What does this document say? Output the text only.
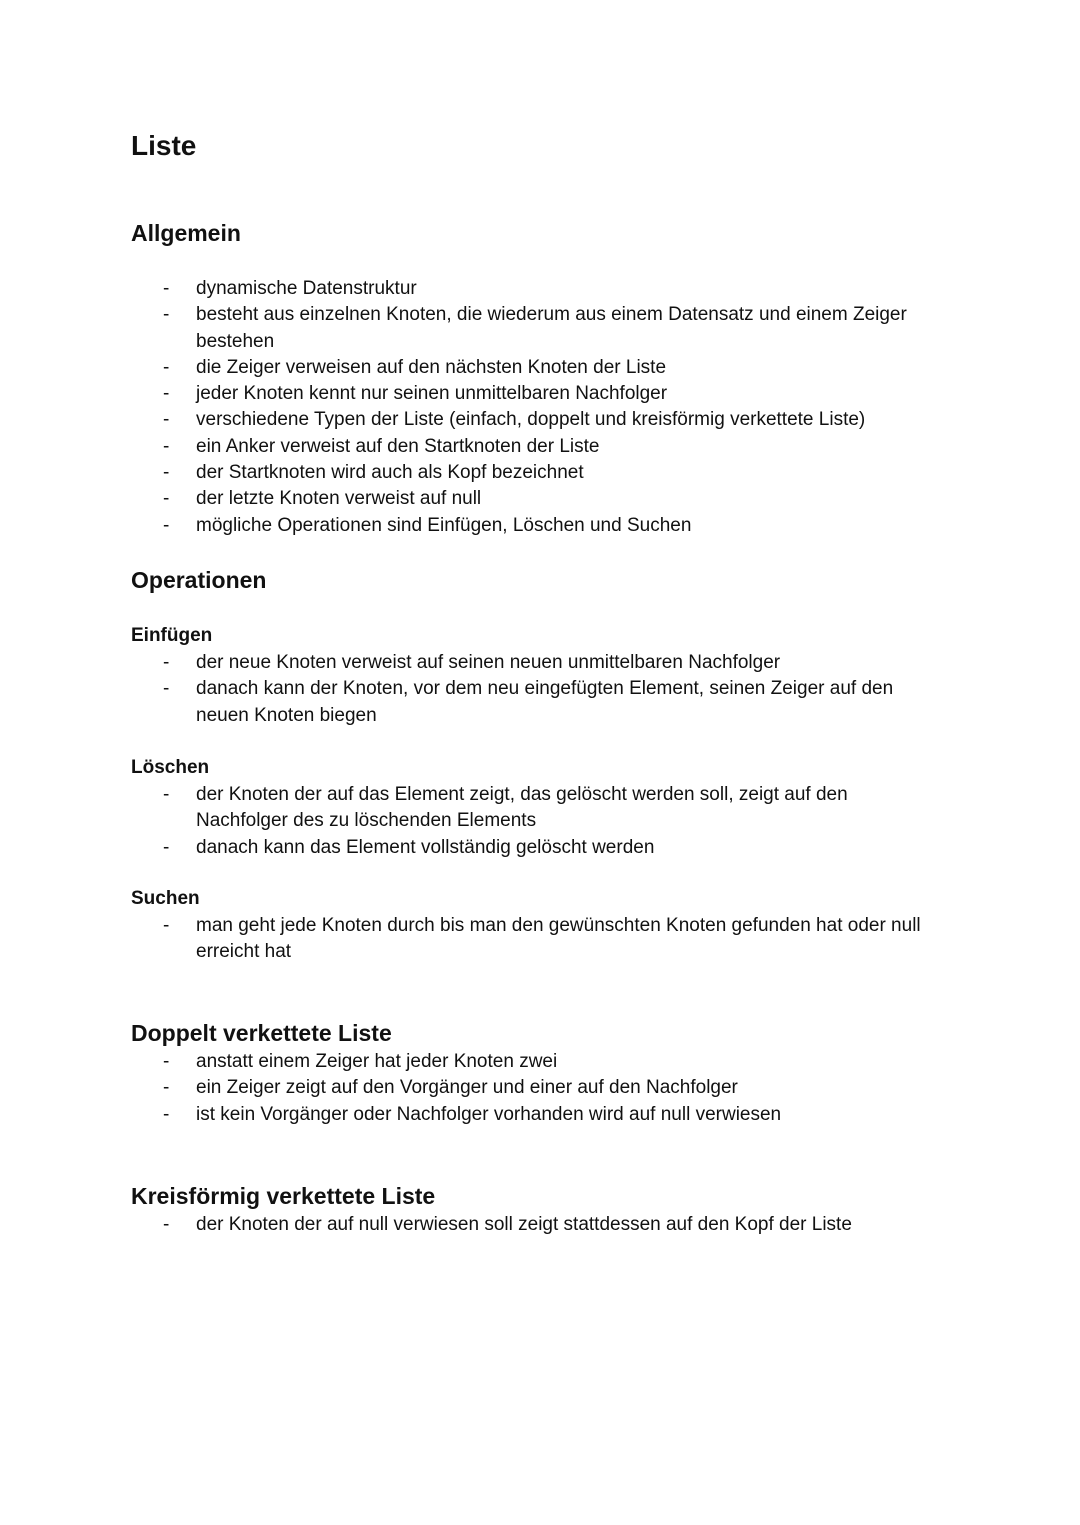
Liste
Allgemein
- dynamische Datenstruktur
- besteht aus einzelnen Knoten, die wiederum aus einem Datensatz und einem Zeiger bestehen
- die Zeiger verweisen auf den nächsten Knoten der Liste
- jeder Knoten kennt nur seinen unmittelbaren Nachfolger
- verschiedene Typen der Liste (einfach, doppelt und kreisförmig verkettete Liste)
- ein Anker verweist auf den Startknoten der Liste
- der Startknoten wird auch als Kopf bezeichnet
- der letzte Knoten verweist auf null
- mögliche Operationen sind Einfügen, Löschen und Suchen
Operationen
Einfügen
- der neue Knoten verweist auf seinen neuen unmittelbaren Nachfolger
- danach kann der Knoten, vor dem neu eingefügten Element, seinen Zeiger auf den neuen Knoten biegen
Löschen
- der Knoten der auf das Element zeigt, das gelöscht werden soll, zeigt auf den Nachfolger des zu löschenden Elements
- danach kann das Element vollständig gelöscht werden
Suchen
- man geht jede Knoten durch bis man den gewünschten Knoten gefunden hat oder null erreicht hat
Doppelt verkettete Liste
- anstatt einem Zeiger hat jeder Knoten zwei
- ein Zeiger zeigt auf den Vorgänger und einer auf den Nachfolger
- ist kein Vorgänger oder Nachfolger vorhanden wird auf null verwiesen
Kreisförmig verkettete Liste
- der Knoten der auf null verwiesen soll zeigt stattdessen auf den Kopf der Liste
